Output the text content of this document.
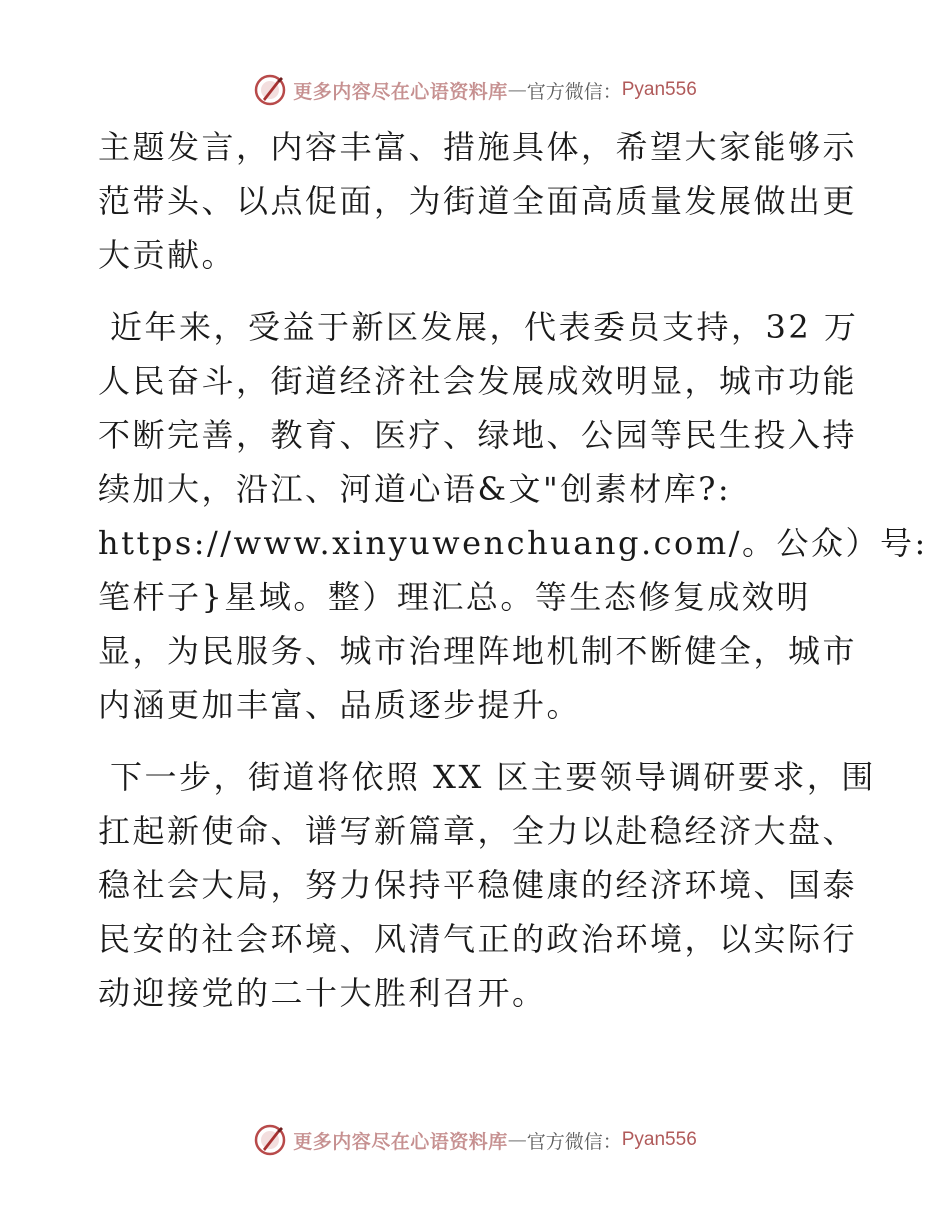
更多内容尽在心语资料库 — 官方微信： Pyan556
主题发言，内容丰富、措施具体，希望大家能够示
范带头、以点促面，为街道全面高质量发展做出更
大贡献。
近年来，受益于新区发展，代表委员支持，32 万
人民奋斗，街道经济社会发展成效明显，城市功能
不断完善，教育、医疗、绿地、公园等民生投入持
续加大，沿江、河道心语&文"创素材库?:
https://www.xinyuwenchuang.com/。公众）号:
笔杆子}星域。整）理汇总。等生态修复成效明
显，为民服务、城市治理阵地机制不断健全，城市
内涵更加丰富、品质逐步提升。
下一步，街道将依照 XX 区主要领导调研要求，围
扛起新使命、谱写新篇章，全力以赴稳经济大盘、
稳社会大局，努力保持平稳健康的经济环境、国泰
民安的社会环境、风清气正的政治环境，以实际行
动迎接党的二十大胜利召开。
更多内容尽在心语资料库 — 官方微信： Pyan556
